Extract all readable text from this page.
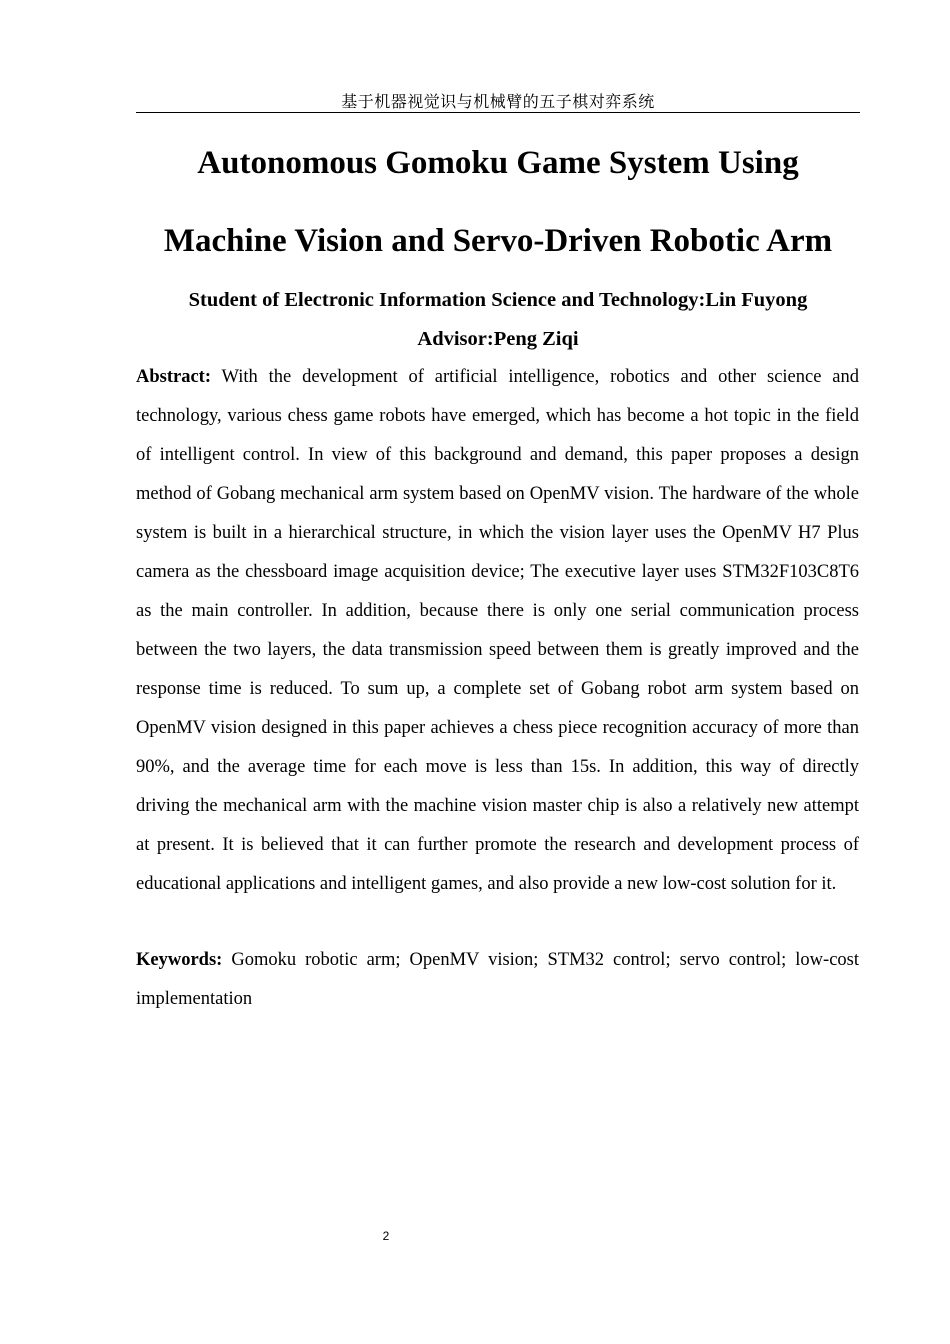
基于机器视觉识与机械臂的五子棋对弈系统
Autonomous Gomoku Game System Using
Machine Vision and Servo-Driven Robotic Arm
Student of Electronic Information Science and Technology:Lin Fuyong
Advisor:Peng Ziqi
Abstract: With the development of artificial intelligence, robotics and other science and technology, various chess game robots have emerged, which has become a hot topic in the field of intelligent control. In view of this background and demand, this paper proposes a design method of Gobang mechanical arm system based on OpenMV vision. The hardware of the whole system is built in a hierarchical structure, in which the vision layer uses the OpenMV H7 Plus camera as the chessboard image acquisition device; The executive layer uses STM32F103C8T6 as the main controller. In addition, because there is only one serial communication process between the two layers, the data transmission speed between them is greatly improved and the response time is reduced. To sum up, a complete set of Gobang robot arm system based on OpenMV vision designed in this paper achieves a chess piece recognition accuracy of more than 90%, and the average time for each move is less than 15s. In addition, this way of directly driving the mechanical arm with the machine vision master chip is also a relatively new attempt at present. It is believed that it can further promote the research and development process of educational applications and intelligent games, and also provide a new low-cost solution for it.
Keywords: Gomoku robotic arm; OpenMV vision; STM32 control; servo control; low-cost implementation
2
